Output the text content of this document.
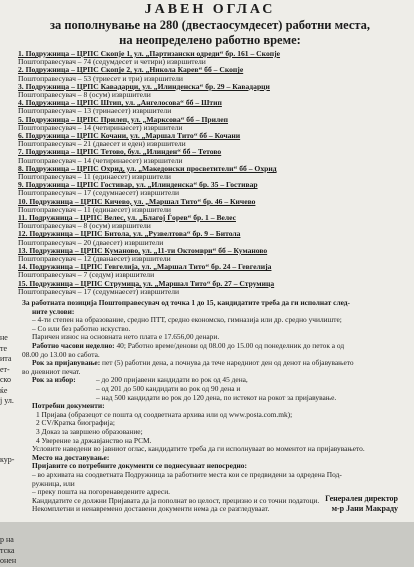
не
те
ита
ет-
ско
ќе
ј ул.
кур-
р на
тска
онен
ЈАВЕН ОГЛАС
за пополнување на 280 (двестаосумдесет) работни места,
на неопределено работно време:
1. Подружница – ЦРПС Скопје 1, ул. „Партизански одреди“ бр. 161 – Скопје
Поштоправесувач – 74 (седумдесет и четири) извршители
2. Подружница – ЦРПС Скопје 2, ул. „Никола Карев“ бб – Скопје
Поштоправесувач – 53 (триесет и три) извршители
3. Подружница – ЦРПС Кавадарци, ул. „Илинденска“ бр. 29 – Кавадарци
Поштоправесувач – 8 (осум) извршители
4. Подружница – ЦРПС Штип, ул. „Ангелосова“ бб – Штип
Поштоправесувач – 13 (тринаесет) извршители
5. Подружница – ЦРПС Прилеп, ул. „Марксова“ бб – Прилеп
Поштоправесувач – 14 (четиринаесет) извршители
6. Подружница – ЦРПС Кочани, ул. „Маршал Тито“ бб – Кочани
Поштоправесувач – 21 (дваесет и еден) извршители
7. Подружница – ЦРПС Тетово, бул. „Илинден“ бб – Тетово
Поштоправесувач – 14 (четиринаесет) извршители
8. Подружница – ЦРПС Охрид, ул. „Македонски просветители“ бб – Охрид
Поштоправесувач – 11 (единаесет) извршители
9. Подружница – ЦРПС Гостивар, ул. „Илинденска“ бр. 35 – Гостивар
Поштоправесувач – 17 (седумнаесет) извршители
10. Подружница – ЦРПС Кичево, ул. „Маршал Тито“ бр. 46 – Кичево
Поштоправесувач – 11 (единаесет) извршители
11. Подружница – ЦРПС Велес, ул. „Благој Ѓорев“ бр. 1 – Велес
Поштоправесувач – 8 (осум) извршители
12. Подружница – ЦРПС Битола, ул. „Рузвелтова“ бр. 9 – Битола
Поштоправесувач – 20 (дваесет) извршители
13. Подружница – ЦРПС Куманово, ул. „11-ти Октомври“ бб – Куманово
Поштоправесувач – 12 (дванаесет) извршители
14. Подружница – ЦРПС Гевгелија, ул. „Маршал Тито“ бр. 24 – Гевгелија
Поштоправесувач – 7 (седум) извршители
15. Подружница – ЦРПС Струмица, ул. „Маршал Тито“ бр. 27 – Струмица
Поштоправесувач – 17 (седумнаесет) извршители
За работната позиција Поштоправесувач од точка 1 до 15, кандидатите треба да ги исполнат след-
ните услови:
– 4-ти степен на образование, средно ПТТ, средно економско, гимназија или др. средно училиште;
– Со или без работно искуство.
Паричен износ на основната нето плата е 17.656,00 денари.
Работно часови неделно: 40; Работно време/денови од 08.00 до 15.00 од понеделник до петок а од
08.00 до 13.00 во сабота.
Рок за пријавување: пет (5) работни дена, а почнува да тече наредниот ден од денот на објавувањето
во дневниот печат.
Рок за избор:	– до 200 пријавени кандидати во рок од 45 дена,
– од 201 до 500 кандидати во рок од 90 дена и
– над 500 кандидати во рок до 120 дена, по истекот на рокот за пријавување.
Потребни документи:
1 Пријава (образецот се пошта од соодветната архива или од www.posta.com.mk);
2 CV/Кратка биографија;
3 Доказ за завршено образование;
4 Уверение за државјанство на РСМ.
Условите наведени во јавниот оглас, кандидатите треба да ги исполнуваат во моментот на пријавувањето.
Место на доставување:
Пријавите со потребните документи се поднесуваат непосредно:
– во архивата на соодветната Подружница за работните места кои се предвидени за одредена Под-
ружница, или
– преку пошта на погоренаведените адреси.
Кандидатите се должни Пријавата да ја пополнат во целост, прецизно и со точни податоци.
Некомплетни и ненавремено доставени документи нема да се разгледуваат.
Генерален директор
м-р Јани Макраду
